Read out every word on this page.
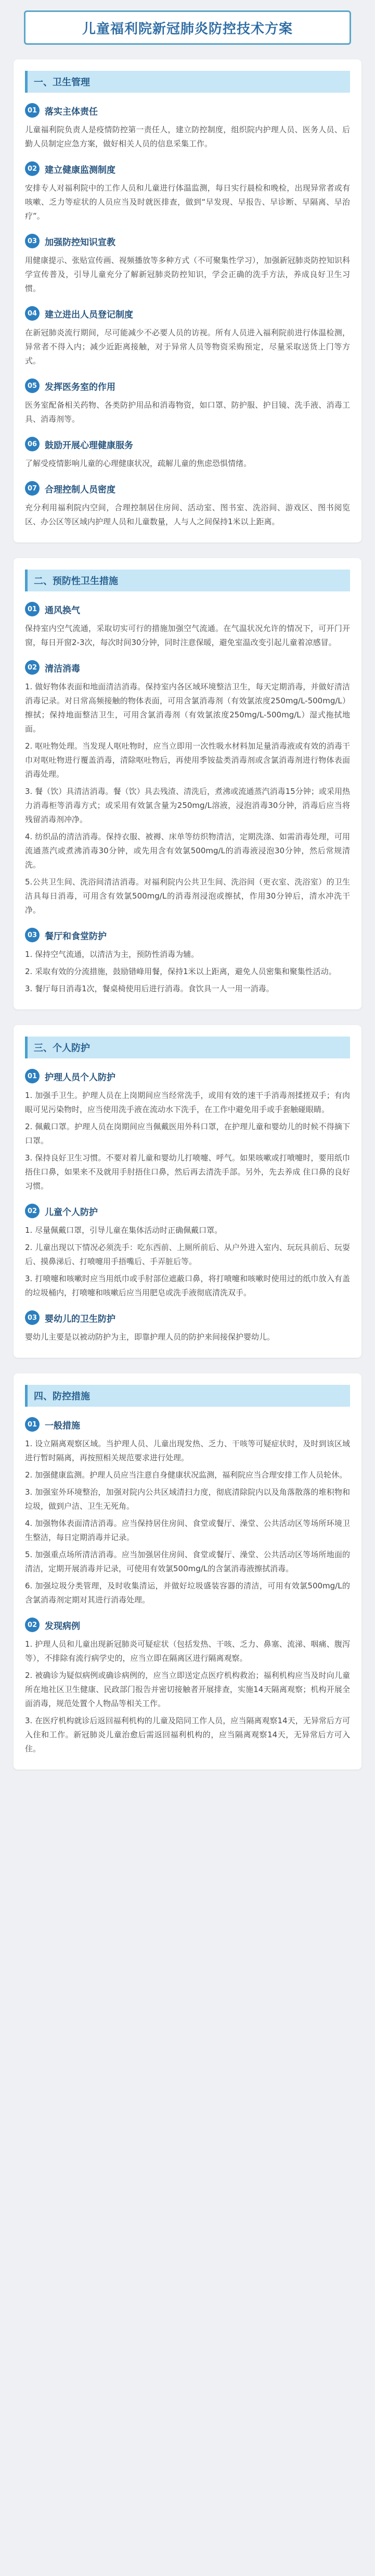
儿童福利院新冠肺炎防控技术方案
一、卫生管理
01 落实主体责任

儿童福利院负责人是疫情防控第一责任人，建立防控制度，组织院内护理人员、医务人员、后勤人员制定应急方案，做好相关人员的信息采集工作。

02 建立健康监测制度

安排专人对福利院中的工作人员和儿童进行体温监测，每日实行晨检和晚检，出现异常者或有咳嗽、乏力等症状的人员应当及时就医排查，做到“早发现、早报告、早诊断、早隔离、早治疗”。

03 加强防控知识宣教

用健康提示、张贴宣传画、视频播放等多种方式（不可聚集性学习），加强新冠肺炎防控知识科学宣传普及，引导儿童充分了解新冠肺炎防控知识，学会正确的洗手方法，养成良好卫生习惯。

04 建立进出人员登记制度

在新冠肺炎流行期间，尽可能减少不必要人员的访视。所有人员进入福利院前进行体温检测，异常者不得入内；减少近距离接触，对于异常人员等物资采购预定，尽量采取送货上门等方式。

05 发挥医务室的作用

医务室配备相关药物、各类防护用品和消毒物资，如口罩、防护服、护目镜、洗手液、消毒工具、消毒剂等。

06 鼓励开展心理健康服务

了解受疫情影响儿童的心理健康状况，疏解儿童的焦虑恐惧情绪。

07 合理控制人员密度

充分利用福利院内空间，合理控制居住房间、活动室、图书室、洗浴间、游戏区、图书阅览区、办公区等区域内护理人员和儿童数量，人与人之间保持1米以上距离。

二、预防性卫生措施
01 通风换气

保持室内空气流通，采取切实可行的措施加强空气流通。在气温状况允许的情况下，可开门开窗，每日开窗2-3次，每次时间30分钟，同时注意保暖，避免室温改变引起儿童着凉感冒。

02 清洁消毒

1. 做好物体表面和地面清洁消毒。保持室内各区域环境整洁卫生，每天定期消毒，并做好清洁消毒记录。对日常高频接触的物体表面，可用含氯消毒剂（有效氯浓度250mg/L-500mg/L）擦拭；保持地面整洁卫生，可用含氯消毒剂（有效氯浓度250mg/L-500mg/L）湿式拖拭地面。

2. 呕吐物处理。当发现人呕吐物时，应当立即用一次性吸水材料加足量消毒液或有效的消毒干巾对呕吐物进行覆盖消毒，清除呕吐物后，再使用季铵盐类消毒剂或含氯消毒剂进行物体表面消毒处理。

3. 餐（饮）具清洁消毒。餐（饮）具去残渣、清洗后，煮沸或流通蒸汽消毒15分钟；或采用热力消毒柜等消毒方式；或采用有效氯含量为250mg/L溶液，浸泡消毒30分钟，消毒后应当将残留消毒剂冲净。

4. 纺织品的清洁消毒。保持衣服、被褥、床单等纺织物清洁，定期洗涤、如需消毒处理，可用流通蒸汽或煮沸消毒30分钟，或先用含有效氯500mg/L的消毒液浸泡30分钟，然后常规清洗。

5.公共卫生间、洗浴间清洁消毒。对福利院内公共卫生间、洗浴间（更衣室、洗浴室）的卫生洁具每日消毒，可用含有效氯500mg/L的消毒剂浸泡或擦拭，作用30分钟后，清水冲洗干净。

03 餐厅和食堂防护

1. 保持空气流通，以清洁为主，预防性消毒为辅。

2. 采取有效的分流措施，鼓励错峰用餐，保持1米以上距离，避免人员密集和聚集性活动。

3. 餐厅每日消毒1次，餐桌椅使用后进行消毒。食饮具一人一用一消毒。

三、个人防护
01 护理人员个人防护

1. 加强手卫生。护理人员在上岗期间应当经常洗手，或用有效的速干手消毒剂揉搓双手；有肉眼可见污染物时，应当使用洗手液在流动水下洗手，在工作中避免用手或手套触碰眼睛。

2. 佩戴口罩。护理人员在岗期间应当佩戴医用外科口罩，在护理儿童和婴幼儿的时候不得摘下口罩。

3. 保持良好卫生习惯。不要对着儿童和婴幼儿打喷嚏、呼气。如果咳嗽或打喷嚏时，要用纸巾捂住口鼻，如果来不及就用手肘捂住口鼻，然后再去清洗手部。另外，先去养成 住口鼻的良好习惯。

02 儿童个人防护

1. 尽量佩戴口罩，引导儿童在集体活动时正确佩戴口罩。

2. 儿童出现以下情况必须洗手：吃东西前、上厕所前后、从户外进入室内、玩玩具前后、玩耍后、摸鼻涕后、打喷嚏用手捂嘴后、手弄脏后等。

3. 打喷嚏和咳嗽时应当用纸巾或手肘部位遮蔽口鼻，将打喷嚏和咳嗽时使用过的纸巾放入有盖的垃圾桶内，打喷嚏和咳嗽后应当用肥皂或洗手液彻底清洗双手。

03 婴幼儿的卫生防护

婴幼儿主要是以被动防护为主，即靠护理人员的防护来间接保护婴幼儿。

四、防控措施
01 一般措施

1. 设立隔离观察区域。当护理人员、儿童出现发热、乏力、干咳等可疑症状时，及时到该区域进行暂时隔离，再按照相关规范要求进行处理。

2. 加强健康监测。护理人员应当注意自身健康状况监测，福利院应当合理安排工作人员轮休。

3. 加强室外环境整治，加强对院内公共区域清扫力度，彻底清除院内以及角落散落的堆积物和垃圾，做到户洁、卫生无死角。

4. 加强物体表面清洁消毒。应当保持居住房间、食堂或餐厅、澡堂、公共活动区等场所环境卫生整洁，每日定期消毒并记录。

5. 加强重点场所清洁消毒。应当加强居住房间、食堂或餐厅、澡堂、公共活动区等场所地面的清洁，定期开展消毒并记录，可使用有效氯500mg/L的含氯消毒液擦拭消毒。

6. 加强垃圾分类管理，及时收集清运，并做好垃圾盛装容器的清洁，可用有效氯500mg/L的含氯消毒剂定期对其进行消毒处理。

02 发现病例

1. 护理人员和儿童出现新冠肺炎可疑症状（包括发热、干咳、乏力、鼻塞、流涕、咽痛、腹泻等），不排除有流行病学史的，应当立即在隔离区进行隔离观察。

2. 被确诊为疑似病例或确诊病例的，应当立即送定点医疗机构救治；福利机构应当及时向儿童所在地社区卫生健康、民政部门报告并密切接触者开展排查，实施14天隔离观察；机构开展全面消毒，规范处置个人物品等相关工作。

3. 在医疗机构就诊后返回福利机构的儿童及陪同工作人员，应当隔离观察14天，无异常后方可入住和工作。新冠肺炎儿童治愈后需返回福利机构的，应当隔离观察14天，无异常后方可入住。
